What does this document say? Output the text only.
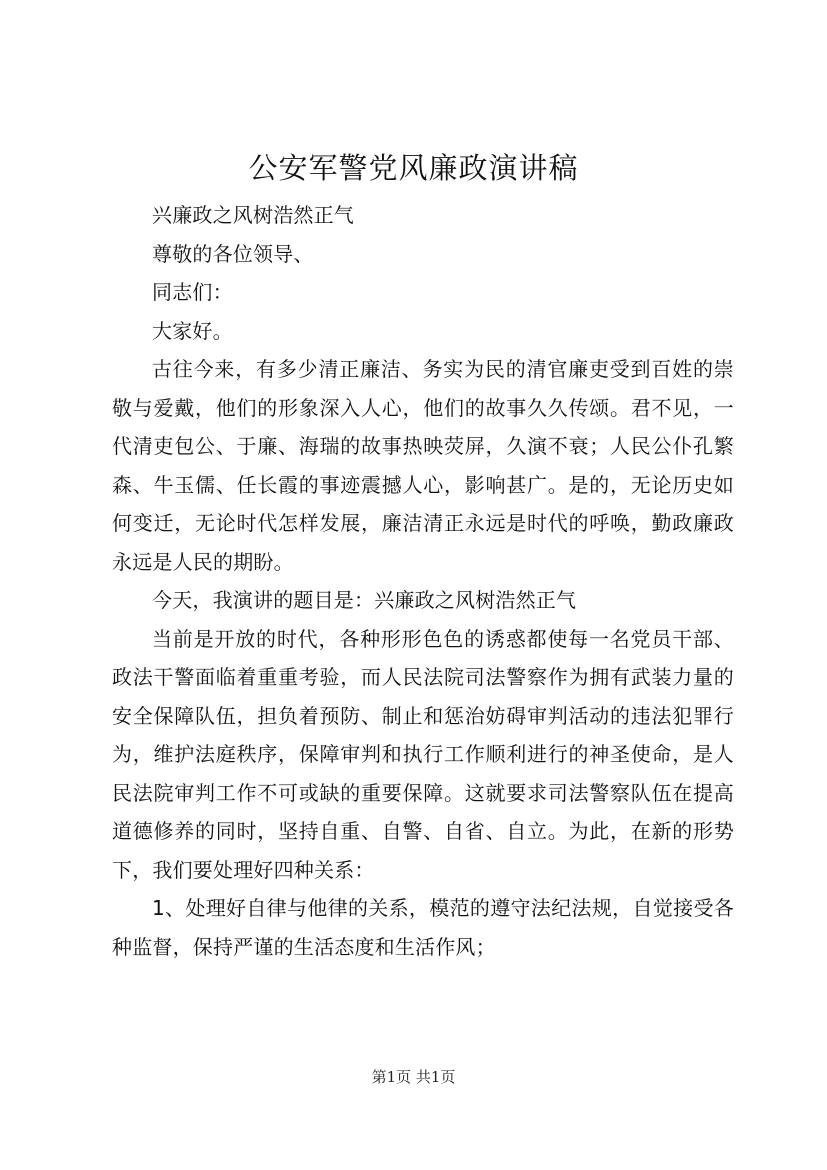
公安军警党风廉政演讲稿

兴廉政之风树浩然正气

尊敬的各位领导、

同志们：

大家好。

古往今来，有多少清正廉洁、务实为民的清官廉吏受到百姓的崇敬与爱戴，他们的形象深入人心，他们的故事久久传颂。君不见，一代清吏包公、于廉、海瑞的故事热映荧屏，久演不衰；人民公仆孔繁森、牛玉儒、任长霞的事迹震撼人心，影响甚广。是的，无论历史如何变迁，无论时代怎样发展，廉洁清正永远是时代的呼唤，勤政廉政永远是人民的期盼。

今天，我演讲的题目是：兴廉政之风树浩然正气

当前是开放的时代，各种形形色色的诱惑都使每一名党员干部、政法干警面临着重重考验，而人民法院司法警察作为拥有武装力量的安全保障队伍，担负着预防、制止和惩治妨碍审判活动的违法犯罪行为，维护法庭秩序，保障审判和执行工作顺利进行的神圣使命，是人民法院审判工作不可或缺的重要保障。这就要求司法警察队伍在提高道德修养的同时，坚持自重、自警、自省、自立。为此，在新的形势下，我们要处理好四种关系：

1、处理好自律与他律的关系，模范的遵守法纪法规，自觉接受各种监督，保持严谨的生活态度和生活作风；

第1页 共1页
